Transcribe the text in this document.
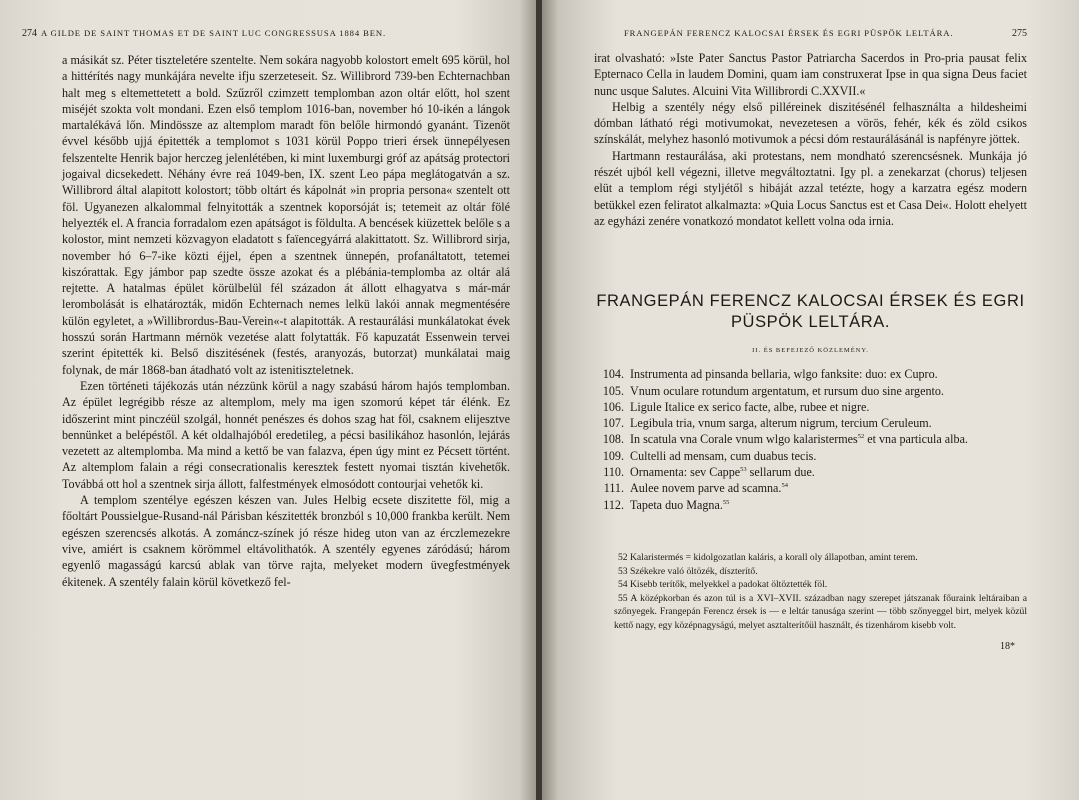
274 A GILDE DE SAINT THOMAS ET DE SAINT LUC CONGRESSUSA 1884 BEN.

a másikát sz. Péter tiszteletére szentelte. Nem sokára nagyobb kolostort emelt 695 körül, hol a hittérítés nagy munkájára nevelte ifju szerzeteseit. Sz. Willibrord 739-ben Echternachban halt meg s eltemettetett a bold. Szűzről czimzett templomban azon oltár előtt, hol szent miséjét szokta volt mondani. Ezen első templom 1016-ban, november hó 10-ikén a lángok martalékává lőn. Mindössze az altemplom maradt fön belőle hirmondó gyanánt. Tizenöt évvel később ujjá épitették a templomot s 1031 körül Poppo trieri érsek ünnepélyesen felszentelte Henrik bajor herczeg jelenlétében, ki mint luxemburgi gróf az apátság protectori jogaival dicsekedett. Néhány évre reá 1049-ben, IX. szent Leo pápa meglátogatván a sz. Willibrord által alapitott kolostort; több oltárt és kápolnát »in propria persona« szentelt ott föl. Ugyanezen alkalommal felnyitották a szentnek koporsóját is; tetemeit az oltár fölé helyezték el. A francia forradalom ezen apátságot is földulta. A bencések kiüzettek belőle s a kolostor, mint nemzeti közvagyon eladatott s faïencegyárrá alakittatott. Sz. Willibrord sirja, november hó 6–7-ike közti éjjel, épen a szentnek ünnepén, profanáltatott, tetemei kiszórattak. Egy jámbor pap szedte össze azokat és a plébánia-templomba az oltár alá rejtette. A hatalmas épület körülbelül fél századon át állott elhagyatva s már-már lerombolását is elhatározták, midőn Echternach nemes lelkü lakói annak megmentésére külön egyletet, a »Willibrordus-Bau-Verein«-t alapitották. A restaurálási munkálatokat évek hosszú során Hartmann mérnök vezetése alatt folytatták. Fő kapuzatát Essenwein tervei szerint épitették ki. Belső diszitésének (festés, aranyozás, butorzat) munkálatai maig folynak, de már 1868-ban átadható volt az istenitiszteletnek.

Ezen történeti tájékozás után nézzünk körül a nagy szabású három hajós templomban. Az épület legrégibb része az altemplom, mely ma igen szomorú képet tár élénk. Ez időszerint mint pinczéül szolgál, honnét penészes és dohos szag hat föl, csaknem elijesztve bennünket a belépéstől. A két oldalhajóból eredetileg, a pécsi basilikához hasonlón, lejárás vezetett az altemplomba. Ma mind a kettő be van falazva, épen úgy mint ez Pécsett történt. Az altemplom falain a régi consecrationalis keresztek festett nyomai tisztán kivehetők. Továbbá ott hol a szentnek sirja állott, falfestmények elmosódott contourjai vehetők ki.

A templom szentélye egészen készen van. Jules Helbig ecsete diszitette föl, mig a főoltárt Poussielgue-Rusand-nál Párisban készitették bronzból s 10,000 frankba került. Nem egészen szerencsés alkotás. A zománcz-színek jó része hideg uton van az érczlemezekre vive, amiért is csaknem körömmel eltávolithatók. A szentély egyenes záródású; három egyenlő magasságú karcsú ablak van törve rajta, melyeket modern üvegfestmények ékitenek. A szentély falain körül következő fel-

FRANGEPÁN FERENCZ KALOCSAI ÉRSEK ÉS EGRI PÜSPÖK LELTÁRA.	275

irat olvasható: »Iste Pater Sanctus Pastor Patriarcha Sacerdos in Pro-pria pausat felix Epternaco Cella in laudem Domini, quam iam construxerat Ipse in qua signa Deus faciet nunc usque Salutes. Alcuini Vita Willibrordi C.XXVII.«

Helbig a szentély négy első pilléreinek diszitésénél felhasználta a hildesheimi dómban látható régi motivumokat, nevezetesen a vörös, fehér, kék és zöld csikos színskálát, melyhez hasonló motivumok a pécsi dóm restaurálásánál is napfényre jöttek.

Hartmann restaurálása, aki protestans, nem mondható szerencsésnek. Munkája jó részét ujból kell végezni, illetve megváltoztatni. Igy pl. a zenekarzat (chorus) teljesen elüt a templom régi stylјétől s hibáját azzal tetézte, hogy a karzatra egész modern betükkel ezen feliratot alkalmazta: »Quia Locus Sanctus est et Casa Dei«. Holott ehelyett az egyházi zenére vonatkozó mondatot kellett volna oda irnia.

FRANGEPÁN FERENCZ KALOCSAI ÉRSEK ÉS EGRI
PÜSPÖK LELTÁRA.
II. ÉS BEFEJEZŐ KÖZLEMÉNY.
104. Instrumenta ad pinsanda bellaria, wlgo fanksite: duo: ex Cupro.
105. Vnum oculare rotundum argentatum, et rursum duo sine argento.
106. Ligule Italice ex serico facte, albe, rubee et nigre.
107. Legibula tria, vnum sarga, alterum nigrum, tercium Ceruleum.
108. In scatula vna Corale vnum wlgo kalaristermes$^{52}$ et vna particula alba.
109. Cultelli ad mensam, cum duabus tecis.
110. Ornamenta: sev Cappe$^{53}$ sellarum due.
111. Aulee novem parve ad scamna.$^{54}$
112. Tapeta duo Magna.$^{55}$

52 Kalaristermés = kidolgozatlan kaláris, a korall oly állapotban, amint terem.

53 Székekre való öltözék, díszterítő.

54 Kisebb terítők, melyekkel a padokat öltöztették föl.

55 A középkorban és azon túl is a XVI–XVII. században nagy szerepet játszanak főuraink leltáraiban a szőnyegek. Frangepán Ferencz érsek is — e leltár tanusága szerint — több szőnyeggel birt, melyek közül kettő nagy, egy középnagyságú, melyet asztalterítőül használt, és tizenhárom kisebb volt.

18*
